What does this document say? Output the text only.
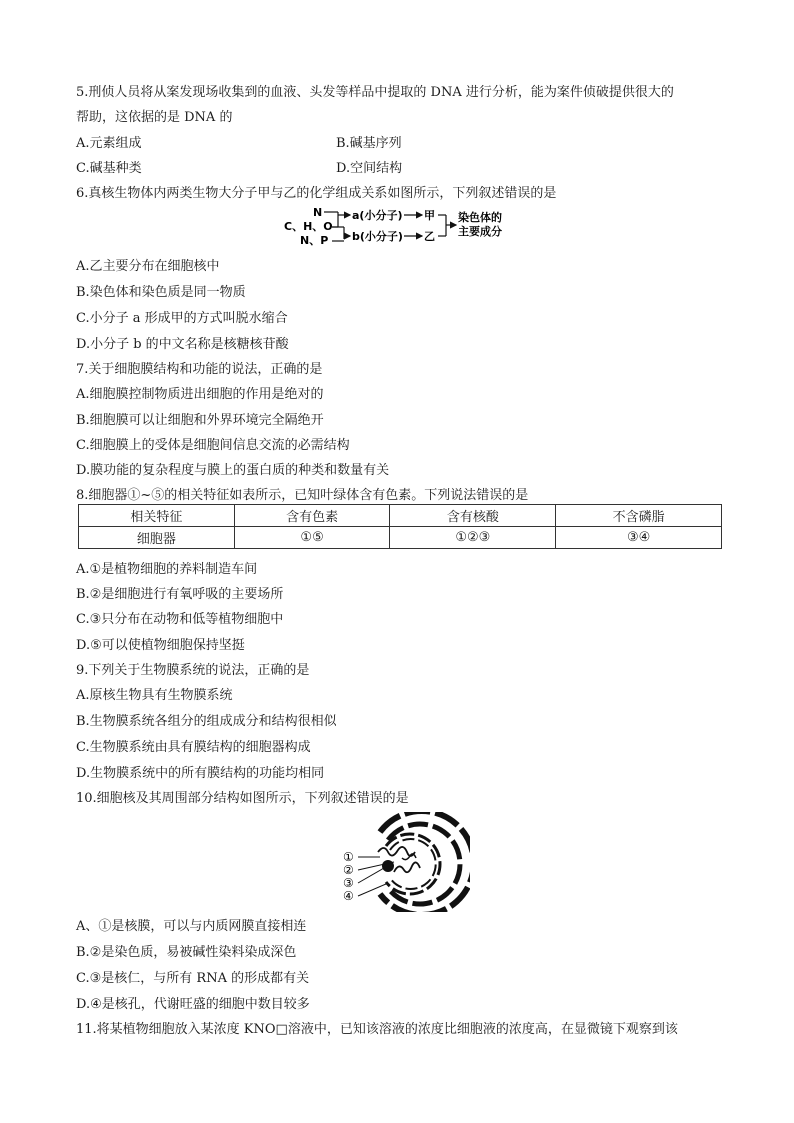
5.刑侦人员将从案发现场收集到的血液、头发等样品中提取的 DNA 进行分析，能为案件侦破提供很大的
帮助，这依据的是 DNA 的
A.元素组成	B.碱基序列
C.碱基种类	D.空间结构
6.真核生物体内两类生物大分子甲与乙的化学组成关系如图所示，下列叙述错误的是
N
C、H、O
N、P
a(小分子)
b(小分子)
甲
乙
染色体的
主要成分
A.乙主要分布在细胞核中
B.染色体和染色质是同一物质
C.小分子 a 形成甲的方式叫脱水缩合
D.小分子 b 的中文名称是核糖核苷酸
7.关于细胞膜结构和功能的说法，正确的是
A.细胞膜控制物质进出细胞的作用是绝对的
B.细胞膜可以让细胞和外界环境完全隔绝开
C.细胞膜上的受体是细胞间信息交流的必需结构
D.膜功能的复杂程度与膜上的蛋白质的种类和数量有关
8.细胞器①~⑤的相关特征如表所示，已知叶绿体含有色素。下列说法错误的是
相关特征	含有色素	含有核酸	不含磷脂
细胞器	①⑤	①②③	③④
A.①是植物细胞的养料制造车间
B.②是细胞进行有氧呼吸的主要场所
C.③只分布在动物和低等植物细胞中
D.⑤可以使植物细胞保持坚挺
9.下列关于生物膜系统的说法，正确的是
A.原核生物具有生物膜系统
B.生物膜系统各组分的组成成分和结构很相似
C.生物膜系统由具有膜结构的细胞器构成
D.生物膜系统中的所有膜结构的功能均相同
10.细胞核及其周围部分结构如图所示，下列叙述错误的是
①
②
③
④
A、①是核膜，可以与内质网膜直接相连
B.②是染色质，易被碱性染料染成深色
C.③是核仁，与所有 RNA 的形成都有关
D.④是核孔，代谢旺盛的细胞中数目较多
11.将某植物细胞放入某浓度 KNO□溶液中，已知该溶液的浓度比细胞液的浓度高，在显微镜下观察到该
